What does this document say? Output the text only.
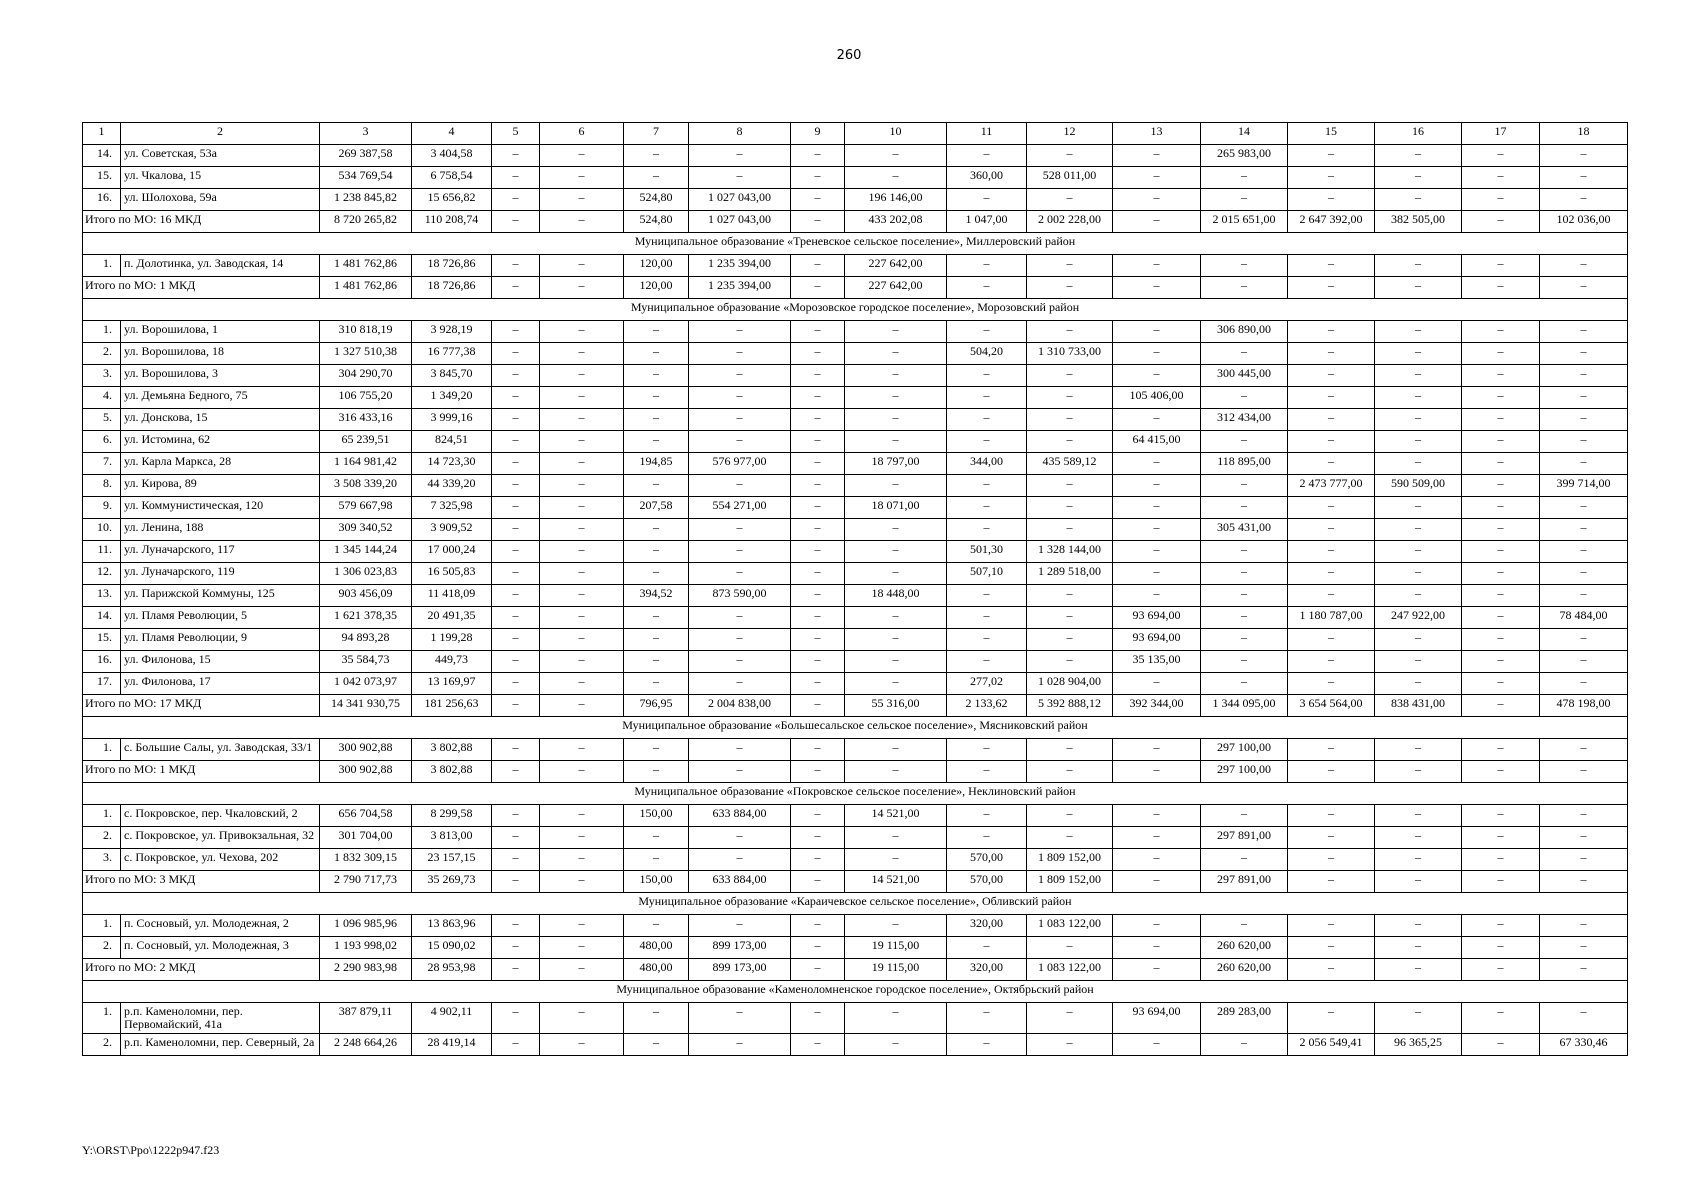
260
1	2	3	4	5	6	7	8	9	10	11	12	13	14	15	16	17	18
14.	ул. Советская, 53а	269 387,58	3 404,58	–	–	–	–	–	–	–	–	–	265 983,00	–	–	–	–
15.	ул. Чкалова, 15	534 769,54	6 758,54	–	–	–	–	–	–	360,00	528 011,00	–	–	–	–	–	–
16.	ул. Шолохова, 59а	1 238 845,82	15 656,82	–	–	524,80	1 027 043,00	–	196 146,00	–	–	–	–	–	–	–	–
Итого по МО: 16 МКД		8 720 265,82	110 208,74	–	–	524,80	1 027 043,00	–	433 202,08	1 047,00	2 002 228,00	–	2 015 651,00	2 647 392,00	382 505,00	–	102 036,00
Муниципальное образование «Треневское сельское поселение», Миллеровский район																	
1.	п. Долотинка, ул. Заводская, 14	1 481 762,86	18 726,86	–	–	120,00	1 235 394,00	–	227 642,00	–	–	–	–	–	–	–	–
Итого по МО: 1 МКД		1 481 762,86	18 726,86	–	–	120,00	1 235 394,00	–	227 642,00	–	–	–	–	–	–	–	–
Муниципальное образование «Морозовское городское поселение», Морозовский район																	
1.	ул. Ворошилова, 1	310 818,19	3 928,19	–	–	–	–	–	–	–	–	–	306 890,00	–	–	–	–
2.	ул. Ворошилова, 18	1 327 510,38	16 777,38	–	–	–	–	–	–	504,20	1 310 733,00	–	–	–	–	–	–
3.	ул. Ворошилова, 3	304 290,70	3 845,70	–	–	–	–	–	–	–	–	–	300 445,00	–	–	–	–
4.	ул. Демьяна Бедного, 75	106 755,20	1 349,20	–	–	–	–	–	–	–	–	105 406,00	–	–	–	–	–
5.	ул. Донскова, 15	316 433,16	3 999,16	–	–	–	–	–	–	–	–	–	312 434,00	–	–	–	–
6.	ул. Истомина, 62	65 239,51	824,51	–	–	–	–	–	–	–	–	64 415,00	–	–	–	–	–
7.	ул. Карла Маркса, 28	1 164 981,42	14 723,30	–	–	194,85	576 977,00	–	18 797,00	344,00	435 589,12	–	118 895,00	–	–	–	–
8.	ул. Кирова, 89	3 508 339,20	44 339,20	–	–	–	–	–	–	–	–	–	–	2 473 777,00	590 509,00	–	399 714,00
9.	ул. Коммунистическая, 120	579 667,98	7 325,98	–	–	207,58	554 271,00	–	18 071,00	–	–	–	–	–	–	–	–
10.	ул. Ленина, 188	309 340,52	3 909,52	–	–	–	–	–	–	–	–	–	305 431,00	–	–	–	–
11.	ул. Луначарского, 117	1 345 144,24	17 000,24	–	–	–	–	–	–	501,30	1 328 144,00	–	–	–	–	–	–
12.	ул. Луначарского, 119	1 306 023,83	16 505,83	–	–	–	–	–	–	507,10	1 289 518,00	–	–	–	–	–	–
13.	ул. Парижской Коммуны, 125	903 456,09	11 418,09	–	–	394,52	873 590,00	–	18 448,00	–	–	–	–	–	–	–	–
14.	ул. Пламя Революции, 5	1 621 378,35	20 491,35	–	–	–	–	–	–	–	–	93 694,00	–	1 180 787,00	247 922,00	–	78 484,00
15.	ул. Пламя Революции, 9	94 893,28	1 199,28	–	–	–	–	–	–	–	–	93 694,00	–	–	–	–	–
16.	ул. Филонова, 15	35 584,73	449,73	–	–	–	–	–	–	–	–	35 135,00	–	–	–	–	–
17.	ул. Филонова, 17	1 042 073,97	13 169,97	–	–	–	–	–	–	277,02	1 028 904,00	–	–	–	–	–	–
Итого по МО: 17 МКД		14 341 930,75	181 256,63	–	–	796,95	2 004 838,00	–	55 316,00	2 133,62	5 392 888,12	392 344,00	1 344 095,00	3 654 564,00	838 431,00	–	478 198,00
Муниципальное образование «Большесальское сельское поселение», Мясниковский район																	
1.	с. Большие Салы, ул. Заводская, 33/1	300 902,88	3 802,88	–	–	–	–	–	–	–	–	–	297 100,00	–	–	–	–
Итого по МО: 1 МКД		300 902,88	3 802,88	–	–	–	–	–	–	–	–	–	297 100,00	–	–	–	–
Муниципальное образование «Покровское сельское поселение», Неклиновский район																	
1.	с. Покровское, пер. Чкаловский, 2	656 704,58	8 299,58	–	–	150,00	633 884,00	–	14 521,00	–	–	–	–	–	–	–	–
2.	с. Покровское, ул. Привокзальная, 32	301 704,00	3 813,00	–	–	–	–	–	–	–	–	–	297 891,00	–	–	–	–
3.	с. Покровское, ул. Чехова, 202	1 832 309,15	23 157,15	–	–	–	–	–	–	570,00	1 809 152,00	–	–	–	–	–	–
Итого по МО: 3 МКД		2 790 717,73	35 269,73	–	–	150,00	633 884,00	–	14 521,00	570,00	1 809 152,00	–	297 891,00	–	–	–	–
Муниципальное образование «Караичевское сельское поселение», Обливский район																	
1.	п. Сосновый, ул. Молодежная, 2	1 096 985,96	13 863,96	–	–	–	–	–	–	320,00	1 083 122,00	–	–	–	–	–	–
2.	п. Сосновый, ул. Молодежная, 3	1 193 998,02	15 090,02	–	–	480,00	899 173,00	–	19 115,00	–	–	–	260 620,00	–	–	–	–
Итого по МО: 2 МКД		2 290 983,98	28 953,98	–	–	480,00	899 173,00	–	19 115,00	320,00	1 083 122,00	–	260 620,00	–	–	–	–
Муниципальное образование «Каменоломненское городское поселение», Октябрьский район																	
1.	р.п. Каменоломни, пер. Первомайский, 41а	387 879,11	4 902,11	–	–	–	–	–	–	–	–	93 694,00	289 283,00	–	–	–	–
2.	р.п. Каменоломни, пер. Северный, 2а	2 248 664,26	28 419,14	–	–	–	–	–	–	–	–	–	–	2 056 549,41	96 365,25	–	67 330,46
Y:\ORST\Ppo\1222p947.f23
